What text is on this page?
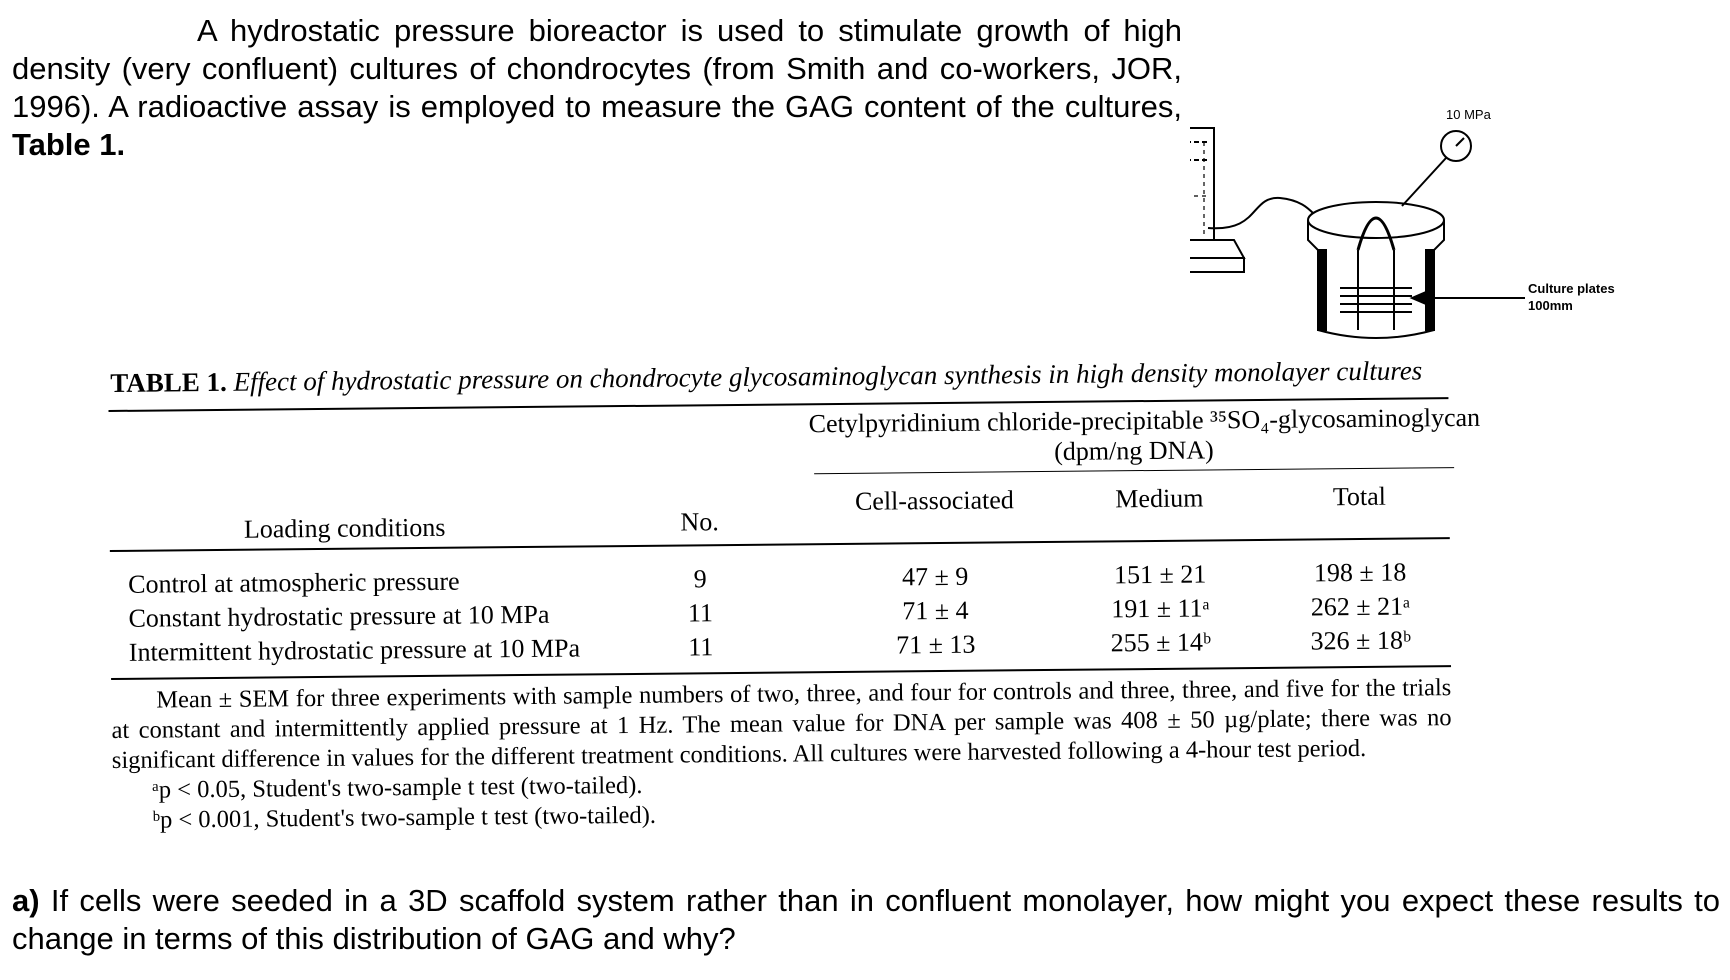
A hydrostatic pressure bioreactor is used to stimulate growth of high density (very confluent) cultures of chondrocytes (from Smith and co-workers, JOR, 1996). A radioactive assay is employed to measure the GAG content of the cultures, Table 1.

10 MPa
Culture plates
100mm
TABLE 1. Effect of hydrostatic pressure on chondrocyte glycosaminoglycan synthesis in high density monolayer cultures
Cetylpyridinium chloride-precipitable ³⁵SO₄-glycosaminoglycan
(dpm/ng DNA)
Loading conditions	No.
Cell-associated	Medium	Total
Control at atmospheric pressure	9	47 ± 9	151 ± 21	198 ± 18
Constant hydrostatic pressure at 10 MPa	11	71 ± 4	191 ± 11ᵃ	262 ± 21ᵃ
Intermittent hydrostatic pressure at 10 MPa	11	71 ± 13	255 ± 14ᵇ	326 ± 18ᵇ

Mean ± SEM for three experiments with sample numbers of two, three, and four for controls and three, three, and five for the trials at constant and intermittently applied pressure at 1 Hz. The mean value for DNA per sample was 408 ± 50 µg/plate; there was no significant difference in values for the different treatment conditions. All cultures were harvested following a 4-hour test period.

ᵃp < 0.05, Student's two-sample t test (two-tailed).

ᵇp < 0.001, Student's two-sample t test (two-tailed).

a) If cells were seeded in a 3D scaffold system rather than in confluent monolayer, how might you expect these results to change in terms of this distribution of GAG and why?
